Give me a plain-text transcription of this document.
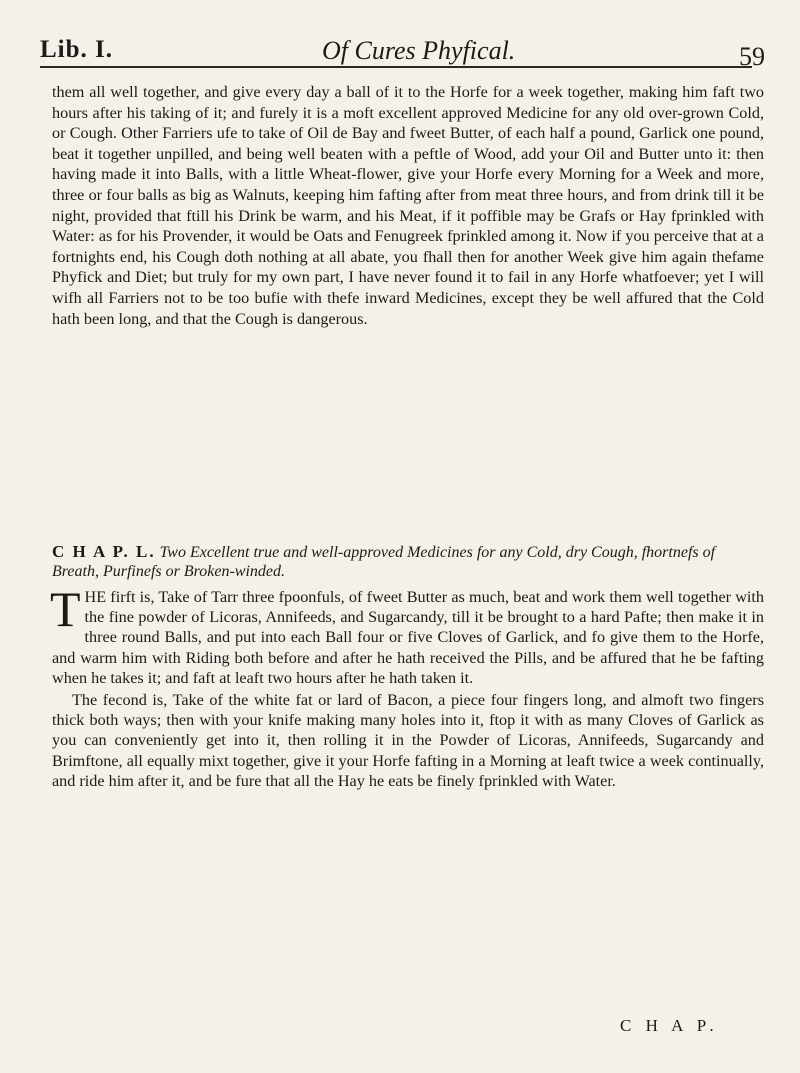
Lib. I.	Of Cures Phyfical.	59

them all well together, and give every day a ball of it to the Horfe for a week together, making him faft two hours after his taking of it; and furely it is a moft excellent approved Medicine for any old over-grown Cold, or Cough. Other Farriers ufe to take of Oil de Bay and fweet Butter, of each half a pound, Garlick one pound, beat it together unpilled, and being well beaten with a peftle of Wood, add your Oil and Butter unto it: then having made it into Balls, with a little Wheat-flower, give your Horfe every Morning for a Week and more, three or four balls as big as Walnuts, keeping him fafting after from meat three hours, and from drink till it be night, provided that ftill his Drink be warm, and his Meat, if it poffible may be Grafs or Hay fprinkled with Water: as for his Provender, it would be Oats and Fenugreek fprinkled among it. Now if you perceive that at a fortnights end, his Cough doth nothing at all abate, you fhall then for another Week give him again thefame Phyfick and Diet; but truly for my own part, I have never found it to fail in any Horfe whatfoever; yet I will wifh all Farriers not to be too bufie with thefe inward Medicines, except they be well affured that the Cold hath been long, and that the Cough is dangerous.

C H A P. L. Two Excellent true and well-approved Medicines for any Cold, dry Cough, fhortnefs of Breath, Purfinefs or Broken-winded.

THE firft is, Take of Tarr three fpoonfuls, of fweet Butter as much, beat and work them well together with the fine powder of Licoras, Annifeeds, and Sugarcandy, till it be brought to a hard Pafte; then make it in three round Balls, and put into each Ball four or five Cloves of Garlick, and fo give them to the Horfe, and warm him with Riding both before and after he hath received the Pills, and be affured that he be fafting when he takes it; and faft at leaft two hours after he hath taken it.

The fecond is, Take of the white fat or lard of Bacon, a piece four fingers long, and almoft two fingers thick both ways; then with your knife making many holes into it, ftop it with as many Cloves of Garlick as you can conveniently get into it, then rolling it in the Powder of Licoras, Annifeeds, Sugarcandy and Brimftone, all equally mixt together, give it your Horfe fafting in a Morning at leaft twice a week continually, and ride him after it, and be fure that all the Hay he eats be finely fprinkled with Water.

C H A P.
